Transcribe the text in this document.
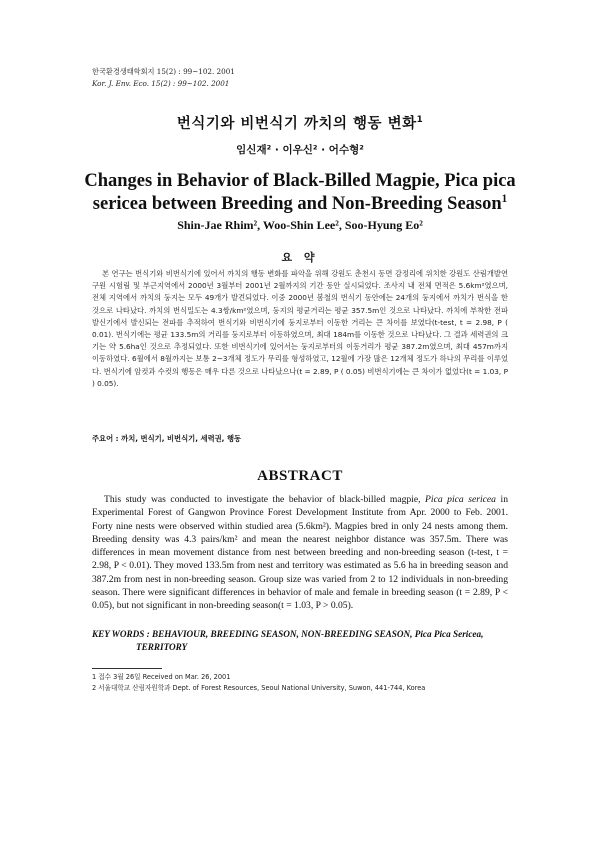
한국환경생태학회지 15(2) : 99~102. 2001
Kor. J. Env. Eco. 15(2) : 99~102. 2001
번식기와 비번식기 까치의 행동 변화$^1$
임신재² · 이우신² · 어수형²
Changes in Behavior of Black-Billed Magpie, Pica pica
sericea between Breeding and Non-Breeding Season$^1$
Shin-Jae Rhim², Woo-Shin Lee², Soo-Hyung Eo²
요 약
본 연구는 번식기와 비번식기에 있어서 까치의 행동 변화를 파악을 위해 강원도 춘천시 동면 감정리에 위치한 강원도 산림개발연구원 시험림 및 부근지역에서 2000년 3월부터 2001년 2월까지의 기간 동안 실시되었다. 조사지 내 전체 면적은 5.6km²였으며, 전체 지역에서 까치의 둥지는 모두 49개가 발견되었다. 이중 2000년 봄철의 번식기 동안에는 24개의 둥지에서 까치가 번식을 한 것으로 나타났다. 까치의 번식밀도는 4.3쌍/km²였으며, 둥지의 평균거리는 평균 357.5m인 것으로 나타났다. 까치에 부착한 전파발신기에서 발신되는 전파를 추적하여 번식기와 비번식기에 둥지로부터 이동한 거리는 큰 차이를 보였다(t-test, t = 2.98, P ( 0.01). 번식기에는 평균 133.5m의 거리를 둥지로부터 이동하였으며, 최대 184m를 이동한 것으로 나타났다. 그 결과 세력권의 크기는 약 5.6ha인 것으로 추정되었다. 또한 비번식기에 있어서는 둥지로부터의 이동거리가 평균 387.2m였으며, 최대 457m까지 이동하였다. 6월에서 8월까지는 보통 2~3개체 정도가 무리를 형성하였고, 12월에 가장 많은 12개체 정도가 하나의 무리를 이루었다. 번식기에 암컷과 수컷의 행동은 매우 다른 것으로 나타났으나(t = 2.89, P ( 0.05) 비번식기에는 큰 차이가 없었다(t = 1.03, P ) 0.05).
주요어 : 까치, 번식기, 비번식기, 세력권, 행동
ABSTRACT
This study was conducted to investigate the behavior of black-billed magpie, Pica pica sericea in Experimental Forest of Gangwon Province Forest Development Institute from Apr. 2000 to Feb. 2001. Forty nine nests were observed within studied area (5.6km²). Magpies bred in only 24 nests among them. Breeding density was 4.3 pairs/km² and mean the nearest neighbor distance was 357.5m. There was differences in mean movement distance from nest between breeding and non-breeding season (t-test, t = 2.98, P < 0.01). They moved 133.5m from nest and territory was estimated as 5.6 ha in breeding season and 387.2m from nest in non-breeding season. Group size was varied from 2 to 12 individuals in non-breeding season. There were significant differences in behavior of male and female in breeding season (t = 2.89, P < 0.05), but not significant in non-breeding season(t = 1.03, P > 0.05).
KEY WORDS : BEHAVIOUR, BREEDING SEASON, NON-BREEDING SEASON, Pica Pica Sericea, TERRITORY
1 접수 3월 26일 Received on Mar. 26, 2001
2 서울대학교 산림자원학과 Dept. of Forest Resources, Seoul National University, Suwon, 441-744, Korea
